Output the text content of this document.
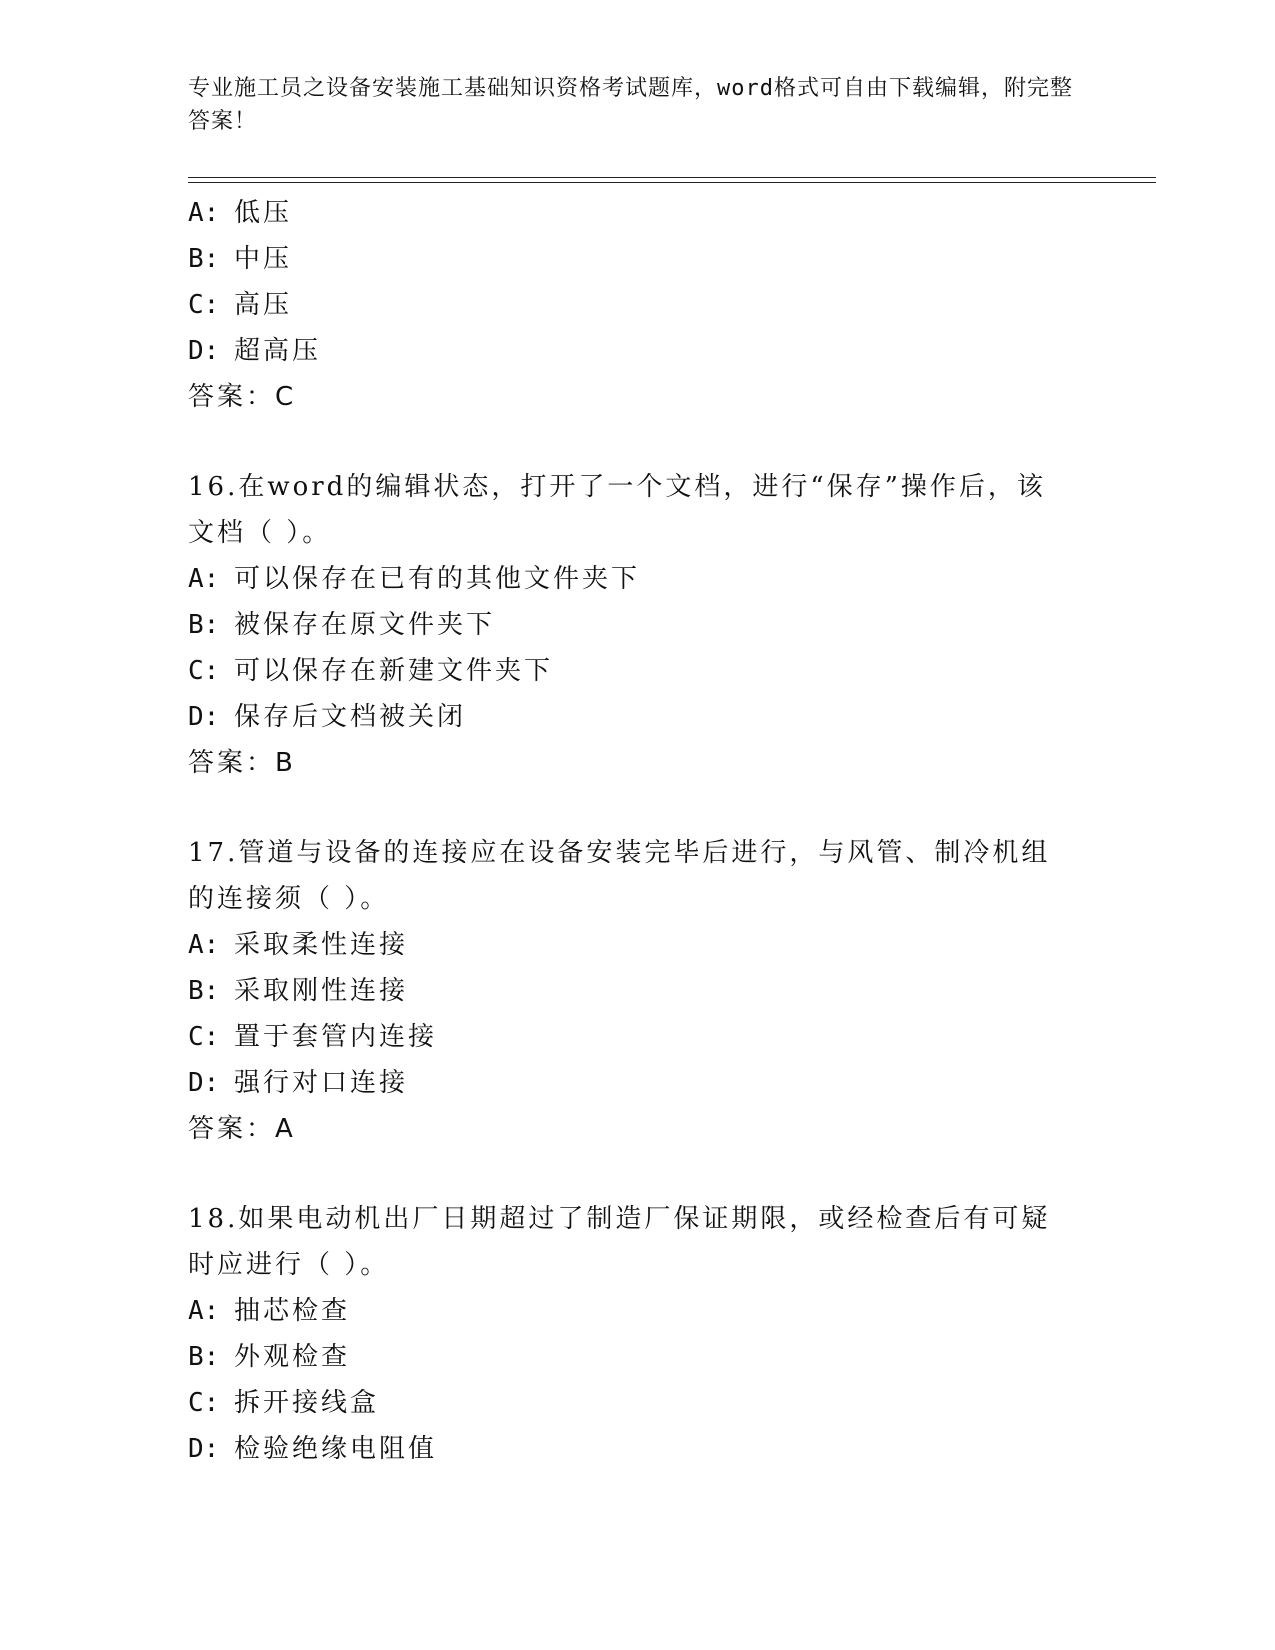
专业施工员之设备安装施工基础知识资格考试题库，word格式可自由下载编辑，附完整答案！
A: 低压
B: 中压
C: 高压
D: 超高压
答案：C
16.在word的编辑状态，打开了一个文档，进行“保存”操作后，该文档（ ）。
A: 可以保存在已有的其他文件夹下
B: 被保存在原文件夹下
C: 可以保存在新建文件夹下
D: 保存后文档被关闭
答案：B
17.管道与设备的连接应在设备安装完毕后进行，与风管、制冷机组的连接须（ ）。
A: 采取柔性连接
B: 采取刚性连接
C: 置于套管内连接
D: 强行对口连接
答案：A
18.如果电动机出厂日期超过了制造厂保证期限，或经检查后有可疑时应进行（ ）。
A: 抽芯检查
B: 外观检查
C: 拆开接线盒
D: 检验绝缘电阻值
